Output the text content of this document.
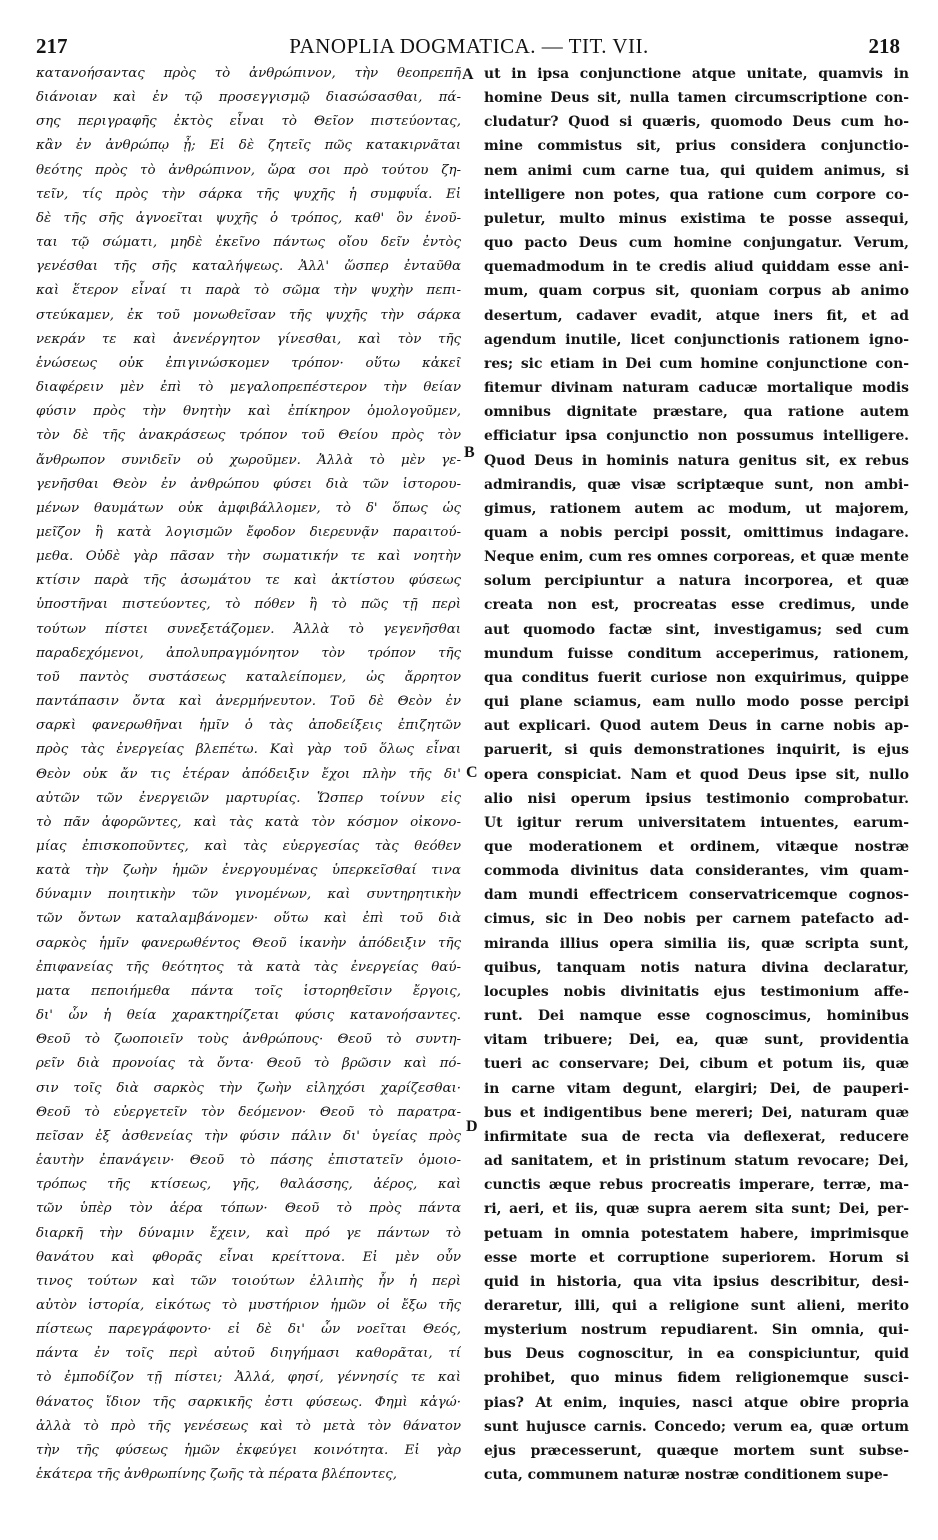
217	PANOPLIA DOGMATICA. — TIT. VII.	218
κατανοήσαντας πρὸς τὸ ἀνθρώπινον, τὴν θεοπρεπῆ
διάνοιαν καὶ ἐν τῷ προσεγγισμῷ διασώσασθαι, πά-
σης περιγραφῆς ἐκτὸς εἶναι τὸ Θεῖον πιστεύοντας,
κἂν ἐν ἀνθρώπῳ ᾖ; Εἰ δὲ ζητεῖς πῶς κατακιρνᾶται
θεότης πρὸς τὸ ἀνθρώπινον, ὥρα σοι πρὸ τούτου ζη-
τεῖν, τίς πρὸς τὴν σάρκα τῆς ψυχῆς ἡ συμφυΐα. Εἰ
δὲ τῆς σῆς ἀγνοεῖται ψυχῆς ὁ τρόπος, καθ' ὃν ἑνοῦ-
ται τῷ σώματι, μηδὲ ἐκεῖνο πάντως οἴου δεῖν ἐντὸς
γενέσθαι τῆς σῆς καταλήψεως. Ἀλλ' ὥσπερ ἐνταῦθα
καὶ ἕτερον εἶναί τι παρὰ τὸ σῶμα τὴν ψυχὴν πεπι-
στεύκαμεν, ἐκ τοῦ μονωθεῖσαν τῆς ψυχῆς τὴν σάρκα
νεκράν τε καὶ ἀνενέργητον γίνεσθαι, καὶ τὸν τῆς
ἑνώσεως οὐκ ἐπιγινώσκομεν τρόπον· οὕτω κἀκεῖ
διαφέρειν μὲν ἐπὶ τὸ μεγαλοπρεπέστερον τὴν θείαν
φύσιν πρὸς τὴν θνητὴν καὶ ἐπίκηρον ὁμολογοῦμεν,
τὸν δὲ τῆς ἀνακράσεως τρόπον τοῦ Θείου πρὸς τὸν
ἄνθρωπον συνιδεῖν οὐ χωροῦμεν. Ἀλλὰ τὸ μὲν γε-
γενῆσθαι Θεὸν ἐν ἀνθρώπου φύσει διὰ τῶν ἱστορου-
μένων θαυμάτων οὐκ ἀμφιβάλλομεν, τὸ δ' ὅπως ὡς
μεῖζον ἢ κατὰ λογισμῶν ἔφοδον διερευνᾷν παραιτού-
μεθα. Οὐδὲ γὰρ πᾶσαν τὴν σωματικήν τε καὶ νοητὴν
κτίσιν παρὰ τῆς ἀσωμάτου τε καὶ ἀκτίστου φύσεως
ὑποστῆναι πιστεύοντες, τὸ πόθεν ἢ τὸ πῶς τῇ περὶ
τούτων πίστει συνεξετάζομεν. Ἀλλὰ τὸ γεγενῆσθαι
παραδεχόμενοι, ἀπολυπραγμόνητον τὸν τρόπον τῆς
τοῦ παντὸς συστάσεως καταλείπομεν, ὡς ἄρρητον
παντάπασιν ὄντα καὶ ἀνερμήνευτον. Τοῦ δὲ Θεὸν ἐν
σαρκὶ φανερωθῆναι ἡμῖν ὁ τὰς ἀποδείξεις ἐπιζητῶν
πρὸς τὰς ἐνεργείας βλεπέτω. Καὶ γὰρ τοῦ ὅλως εἶναι
Θεὸν οὐκ ἄν τις ἑτέραν ἀπόδειξιν ἔχοι πλὴν τῆς δι'
αὐτῶν τῶν ἐνεργειῶν μαρτυρίας. Ὥσπερ τοίνυν εἰς
τὸ πᾶν ἀφορῶντες, καὶ τὰς κατὰ τὸν κόσμον οἰκονο-
μίας ἐπισκοποῦντες, καὶ τὰς εὐεργεσίας τὰς θεόθεν
κατὰ τὴν ζωὴν ἡμῶν ἐνεργουμένας ὑπερκεῖσθαί τινα
δύναμιν ποιητικὴν τῶν γινομένων, καὶ συντηρητικὴν
τῶν ὄντων καταλαμβάνομεν· οὕτω καὶ ἐπὶ τοῦ διὰ
σαρκὸς ἡμῖν φανερωθέντος Θεοῦ ἱκανὴν ἀπόδειξιν τῆς
ἐπιφανείας τῆς θεότητος τὰ κατὰ τὰς ἐνεργείας θαύ-
ματα πεποιήμεθα πάντα τοῖς ἱστορηθεῖσιν ἔργοις,
δι' ὧν ἡ θεία χαρακτηρίζεται φύσις κατανοήσαντες.
Θεοῦ τὸ ζωοποιεῖν τοὺς ἀνθρώπους· Θεοῦ τὸ συντη-
ρεῖν διὰ προνοίας τὰ ὄντα· Θεοῦ τὸ βρῶσιν καὶ πό-
σιν τοῖς διὰ σαρκὸς τὴν ζωὴν εἰληχόσι χαρίζεσθαι·
Θεοῦ τὸ εὐεργετεῖν τὸν δεόμενον· Θεοῦ τὸ παρατρα-
πεῖσαν ἐξ ἀσθενείας τὴν φύσιν πάλιν δι' ὑγείας πρὸς
ἑαυτὴν ἐπανάγειν· Θεοῦ τὸ πάσης ἐπιστατεῖν ὁμοιο-
τρόπως τῆς κτίσεως, γῆς, θαλάσσης, ἀέρος, καὶ
τῶν ὑπὲρ τὸν ἀέρα τόπων· Θεοῦ τὸ πρὸς πάντα
διαρκῆ τὴν δύναμιν ἔχειν, καὶ πρό γε πάντων τὸ
θανάτου καὶ φθορᾶς εἶναι κρείττονα. Εἰ μὲν οὖν
τινος τούτων καὶ τῶν τοιούτων ἐλλιπὴς ἦν ἡ περὶ
αὐτὸν ἱστορία, εἰκότως τὸ μυστήριον ἡμῶν οἱ ἔξω τῆς
πίστεως παρεγράφοντο· εἰ δὲ δι' ὧν νοεῖται Θεός,
πάντα ἐν τοῖς περὶ αὐτοῦ διηγήμασι καθορᾶται, τί
τὸ ἐμποδίζον τῇ πίστει; Ἀλλά, φησί, γέννησίς τε καὶ
θάνατος ἴδιον τῆς σαρκικῆς ἐστι φύσεως. Φημὶ κἀγώ·
ἀλλὰ τὸ πρὸ τῆς γενέσεως καὶ τὸ μετὰ τὸν θάνατον
τὴν τῆς φύσεως ἡμῶν ἐκφεύγει κοινότητα. Εἰ γὰρ
ἑκάτερα τῆς ἀνθρωπίνης ζωῆς τὰ πέρατα βλέποντες,
ut in ipsa conjunctione atque unitate, quamvis in
homine Deus sit, nulla tamen circumscriptione con-
cludatur? Quod si quæris, quomodo Deus cum ho-
mine commistus sit, prius considera conjunctio-
nem animi cum carne tua, qui quidem animus, si
intelligere non potes, qua ratione cum corpore co-
puletur, multo minus existima te posse assequi,
quo pacto Deus cum homine conjungatur. Verum,
quemadmodum in te credis aliud quiddam esse ani-
mum, quam corpus sit, quoniam corpus ab animo
desertum, cadaver evadit, atque iners fit, et ad
agendum inutile, licet conjunctionis rationem igno-
res; sic etiam in Dei cum homine conjunctione con-
fitemur divinam naturam caducæ mortalique modis
omnibus dignitate præstare, qua ratione autem
efficiatur ipsa conjunctio non possumus intelligere.
Quod Deus in hominis natura genitus sit, ex rebus
admirandis, quæ visæ scriptæque sunt, non ambi-
gimus, rationem autem ac modum, ut majorem,
quam a nobis percipi possit, omittimus indagare.
Neque enim, cum res omnes corporeas, et quæ mente
solum percipiuntur a natura incorporea, et quæ
creata non est, procreatas esse credimus, unde
aut quomodo factæ sint, investigamus; sed cum
mundum fuisse conditum acceperimus, rationem,
qua conditus fuerit curiose non exquirimus, quippe
qui plane sciamus, eam nullo modo posse percipi
aut explicari. Quod autem Deus in carne nobis ap-
paruerit, si quis demonstrationes inquirit, is ejus
opera conspiciat. Nam et quod Deus ipse sit, nullo
alio nisi operum ipsius testimonio comprobatur.
Ut igitur rerum universitatem intuentes, earum-
que moderationem et ordinem, vitæque nostræ
commoda divinitus data considerantes, vim quam-
dam mundi effectricem conservatricemque cognos-
cimus, sic in Deo nobis per carnem patefacto ad-
miranda illius opera similia iis, quæ scripta sunt,
quibus, tanquam notis natura divina declaratur,
locuples nobis divinitatis ejus testimonium affe-
runt. Dei namque esse cognoscimus, hominibus
vitam tribuere; Dei, ea, quæ sunt, providentia
tueri ac conservare; Dei, cibum et potum iis, quæ
in carne vitam degunt, elargiri; Dei, de pauperi-
bus et indigentibus bene mereri; Dei, naturam quæ
infirmitate sua de recta via deflexerat, reducere
ad sanitatem, et in pristinum statum revocare; Dei,
cunctis æque rebus procreatis imperare, terræ, ma-
ri, aeri, et iis, quæ supra aerem sita sunt; Dei, per-
petuam in omnia potestatem habere, imprimisque
esse morte et corruptione superiorem. Horum si
quid in historia, qua vita ipsius describitur, desi-
deraretur, illi, qui a religione sunt alieni, merito
mysterium nostrum repudiarent. Sin omnia, qui-
bus Deus cognoscitur, in ea conspiciuntur, quid
prohibet, quo minus fidem religionemque susci-
pias? At enim, inquies, nasci atque obire propria
sunt hujusce carnis. Concedo; verum ea, quæ ortum
ejus præcesserunt, quæque mortem sunt subse-
cuta, communem naturæ nostræ conditionem supe-
A
B
C
D
